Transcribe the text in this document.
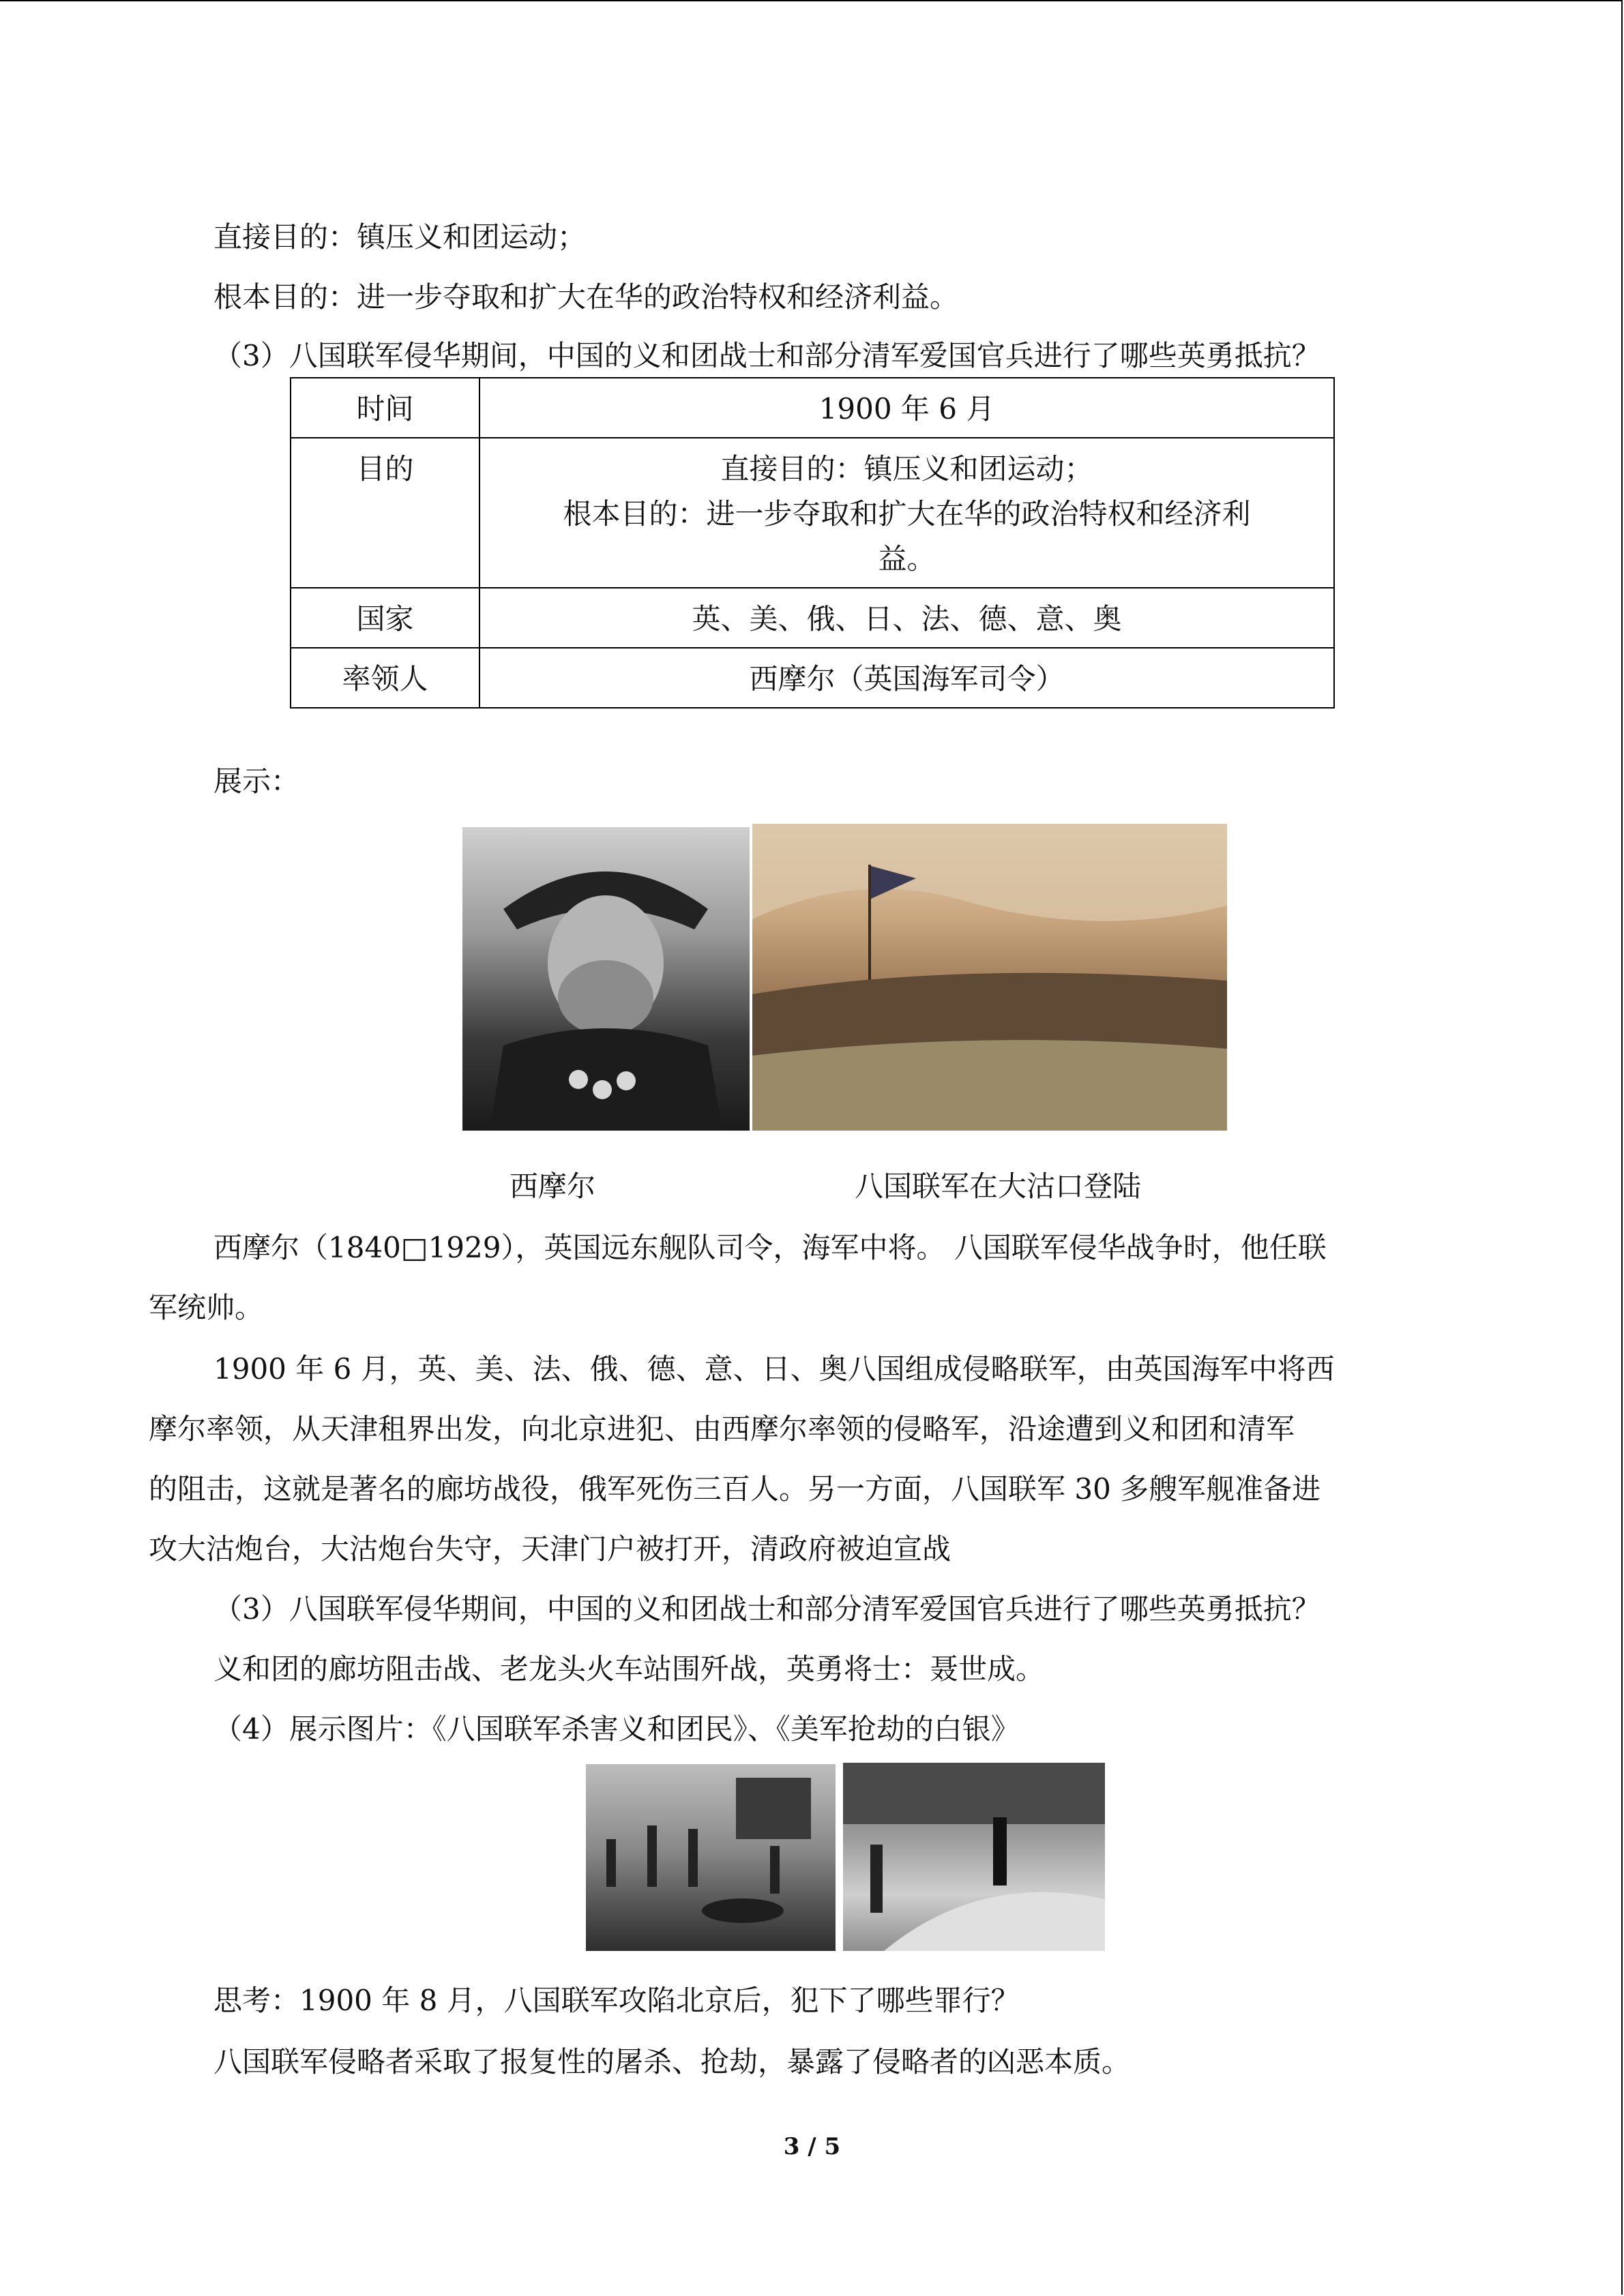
直接目的：镇压义和团运动；
根本目的：进一步夺取和扩大在华的政治特权和经济利益。
（3）八国联军侵华期间，中国的义和团战士和部分清军爱国官兵进行了哪些英勇抵抗？
时间	1900 年 6 月
目的	直接目的：镇压义和团运动；
根本目的：进一步夺取和扩大在华的政治特权和经济利
益。

国家	英、美、俄、日、法、德、意、奥
率领人	西摩尔（英国海军司令）
展示：
西摩尔	八国联军在大沽口登陆
西摩尔（1840□1929），英国远东舰队司令，海军中将。 八国联军侵华战争时，他任联
军统帅。
1900 年 6 月，英、美、法、俄、德、意、日、奥八国组成侵略联军，由英国海军中将西
摩尔率领，从天津租界出发，向北京进犯、由西摩尔率领的侵略军，沿途遭到义和团和清军
的阻击，这就是著名的廊坊战役，俄军死伤三百人。另一方面，八国联军 30 多艘军舰准备进
攻大沽炮台，大沽炮台失守，天津门户被打开，清政府被迫宣战
（3）八国联军侵华期间，中国的义和团战士和部分清军爱国官兵进行了哪些英勇抵抗？
义和团的廊坊阻击战、老龙头火车站围歼战，英勇将士：聂世成。
（4）展示图片：《八国联军杀害义和团民》、《美军抢劫的白银》
思考：1900 年 8 月，八国联军攻陷北京后，犯下了哪些罪行？
八国联军侵略者采取了报复性的屠杀、抢劫，暴露了侵略者的凶恶本质。
3 / 5
